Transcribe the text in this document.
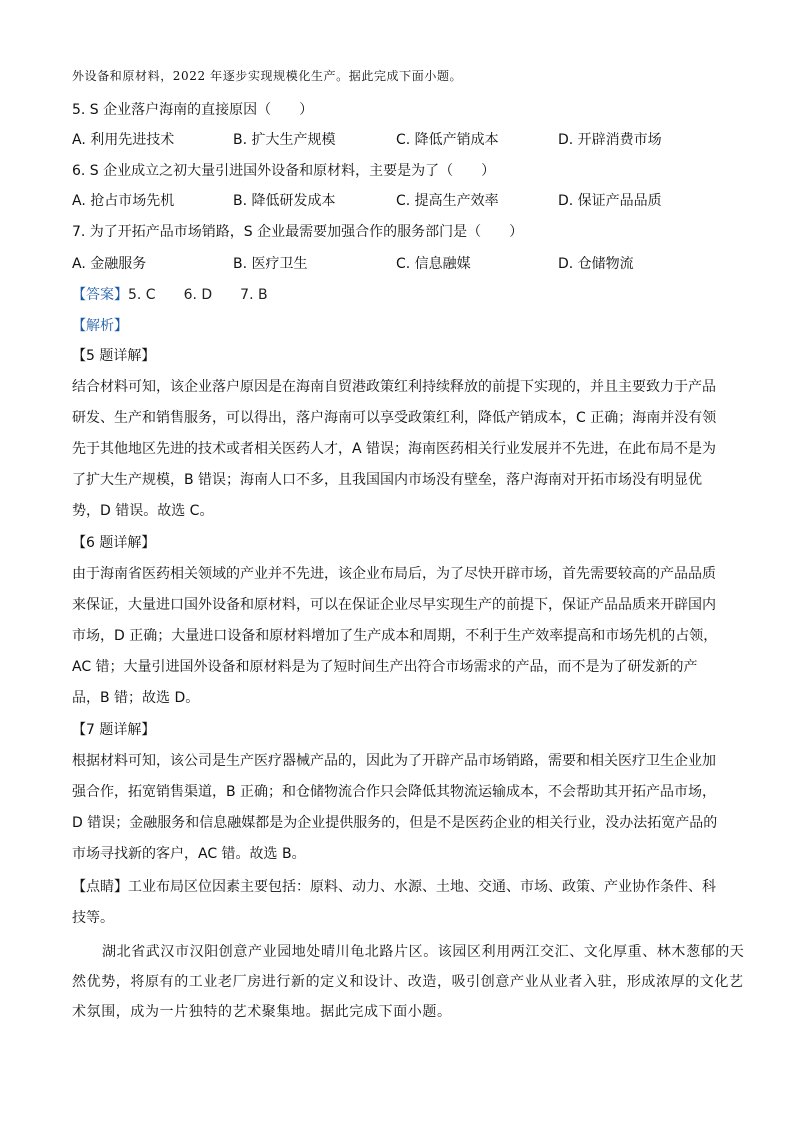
外设备和原材料，2022 年逐步实现规模化生产。据此完成下面小题。
5. S 企业落户海南的直接原因（　　）
A. 利用先进技术	B. 扩大生产规模	C. 降低产销成本	D. 开辟消费市场
6. S 企业成立之初大量引进国外设备和原材料，主要是为了（　　）
A. 抢占市场先机	B. 降低研发成本	C. 提高生产效率	D. 保证产品品质
7. 为了开拓产品市场销路，S 企业最需要加强合作的服务部门是（　　）
A. 金融服务	B. 医疗卫生	C. 信息融媒	D. 仓储物流
【答案】5. C　　6. D　　7. B
【解析】
【5 题详解】
结合材料可知，该企业落户原因是在海南自贸港政策红利持续释放的前提下实现的，并且主要致力于产品
研发、生产和销售服务，可以得出，落户海南可以享受政策红利，降低产销成本，C 正确；海南并没有领
先于其他地区先进的技术或者相关医药人才，A 错误；海南医药相关行业发展并不先进，在此布局不是为
了扩大生产规模，B 错误；海南人口不多，且我国国内市场没有壁垒，落户海南对开拓市场没有明显优
势，D 错误。故选 C。
【6 题详解】
由于海南省医药相关领域的产业并不先进，该企业布局后，为了尽快开辟市场，首先需要较高的产品品质
来保证，大量进口国外设备和原材料，可以在保证企业尽早实现生产的前提下，保证产品品质来开辟国内
市场，D 正确；大量进口设备和原材料增加了生产成本和周期，不利于生产效率提高和市场先机的占领，
AC 错；大量引进国外设备和原材料是为了短时间生产出符合市场需求的产品，而不是为了研发新的产
品，B 错；故选 D。
【7 题详解】
根据材料可知，该公司是生产医疗器械产品的，因此为了开辟产品市场销路，需要和相关医疗卫生企业加
强合作，拓宽销售渠道，B 正确；和仓储物流合作只会降低其物流运输成本，不会帮助其开拓产品市场，
D 错误；金融服务和信息融媒都是为企业提供服务的，但是不是医药企业的相关行业，没办法拓宽产品的
市场寻找新的客户，AC 错。故选 B。
【点睛】工业布局区位因素主要包括：原料、动力、水源、土地、交通、市场、政策、产业协作条件、科
技等。
湖北省武汉市汉阳创意产业园地处晴川龟北路片区。该园区利用两江交汇、文化厚重、林木葱郁的天
然优势，将原有的工业老厂房进行新的定义和设计、改造，吸引创意产业从业者入驻，形成浓厚的文化艺
术氛围，成为一片独特的艺术聚集地。据此完成下面小题。
